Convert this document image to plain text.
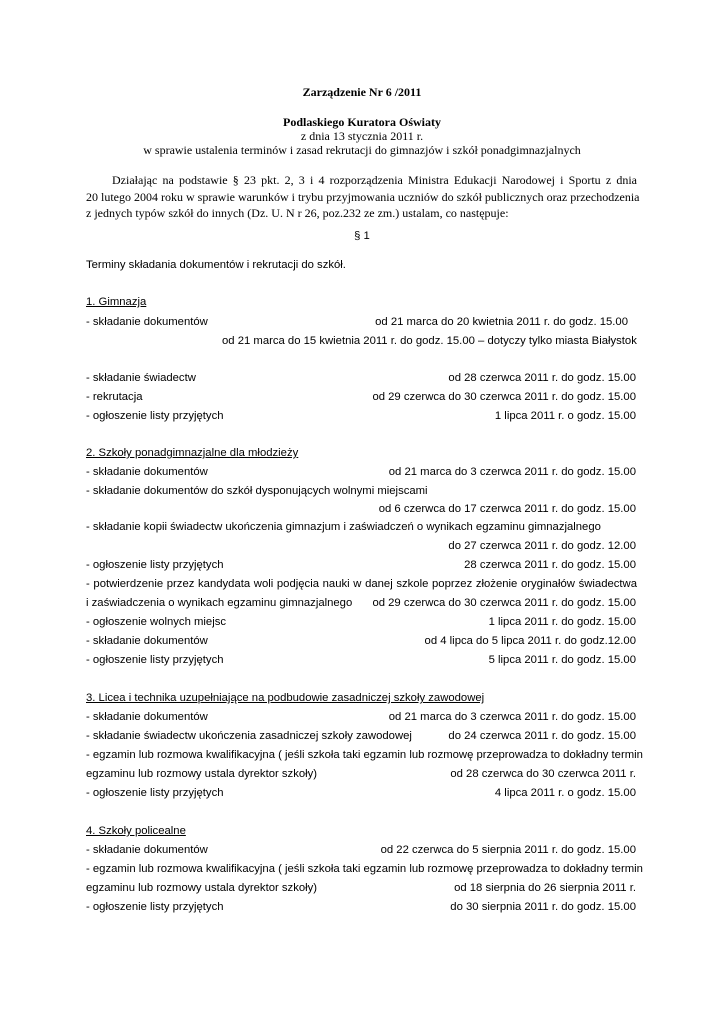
Zarządzenie Nr 6 /2011
Podlaskiego Kuratora Oświaty
z dnia 13 stycznia 2011 r.
w sprawie ustalenia terminów i zasad rekrutacji do gimnazjów i szkół ponadgimnazjalnych
Działając na podstawie § 23 pkt. 2, 3 i 4 rozporządzenia Ministra Edukacji Narodowej i Sportu z dnia
20 lutego 2004 roku w sprawie warunków i trybu przyjmowania uczniów do szkół publicznych oraz przechodzenia
z jednych typów szkół do innych (Dz. U. N r 26, poz.232 ze zm.) ustalam, co następuje:
§ 1
Terminy składania dokumentów i rekrutacji do szkół.
1. Gimnazja
- składanie dokumentów	od 21 marca do 20 kwietnia 2011 r. do godz. 15.00
od 21 marca do 15 kwietnia 2011 r. do godz. 15.00 – dotyczy tylko miasta Białystok
- składanie świadectw	od 28 czerwca 2011 r. do godz. 15.00
- rekrutacja	od 29 czerwca do 30 czerwca 2011 r. do godz. 15.00
- ogłoszenie listy przyjętych	1 lipca 2011 r. o godz. 15.00
2. Szkoły ponadgimnazjalne dla młodzieży
- składanie dokumentów	od 21 marca do 3 czerwca 2011 r. do godz. 15.00
- składanie dokumentów do szkół dysponujących wolnymi miejscami
od 6 czerwca do 17 czerwca 2011 r. do godz. 15.00
- składanie kopii świadectw ukończenia gimnazjum i zaświadczeń o wynikach egzaminu gimnazjalnego
do 27 czerwca 2011 r. do godz. 12.00
- ogłoszenie listy przyjętych	28 czerwca 2011 r. do godz. 15.00
- potwierdzenie przez kandydata woli podjęcia nauki w danej szkole poprzez złożenie oryginałów świadectwa
i zaświadczenia o wynikach egzaminu gimnazjalnego od 29 czerwca do 30 czerwca 2011 r. do godz. 15.00
- ogłoszenie wolnych miejsc	1 lipca 2011 r. do godz. 15.00
- składanie dokumentów	od 4 lipca do 5 lipca 2011 r. do godz.12.00
- ogłoszenie listy przyjętych	5 lipca 2011 r. do godz. 15.00
3. Licea i technika uzupełniające na podbudowie zasadniczej szkoły zawodowej
- składanie dokumentów	od 21 marca do 3 czerwca 2011 r. do godz. 15.00
- składanie świadectw ukończenia zasadniczej szkoły zawodowej	do 24 czerwca 2011 r. do godz. 15.00
- egzamin lub rozmowa kwalifikacyjna ( jeśli szkoła taki egzamin lub rozmowę przeprowadza to dokładny termin
egzaminu lub rozmowy ustala dyrektor szkoły)	od 28 czerwca do 30 czerwca 2011 r.
- ogłoszenie listy przyjętych	4 lipca 2011 r. o godz. 15.00
4. Szkoły policealne
- składanie dokumentów	od 22 czerwca do 5 sierpnia 2011 r. do godz. 15.00
- egzamin lub rozmowa kwalifikacyjna ( jeśli szkoła taki egzamin lub rozmowę przeprowadza to dokładny termin
egzaminu lub rozmowy ustala dyrektor szkoły)	od 18 sierpnia do 26 sierpnia 2011 r.
- ogłoszenie listy przyjętych	do 30 sierpnia 2011 r. do godz. 15.00
